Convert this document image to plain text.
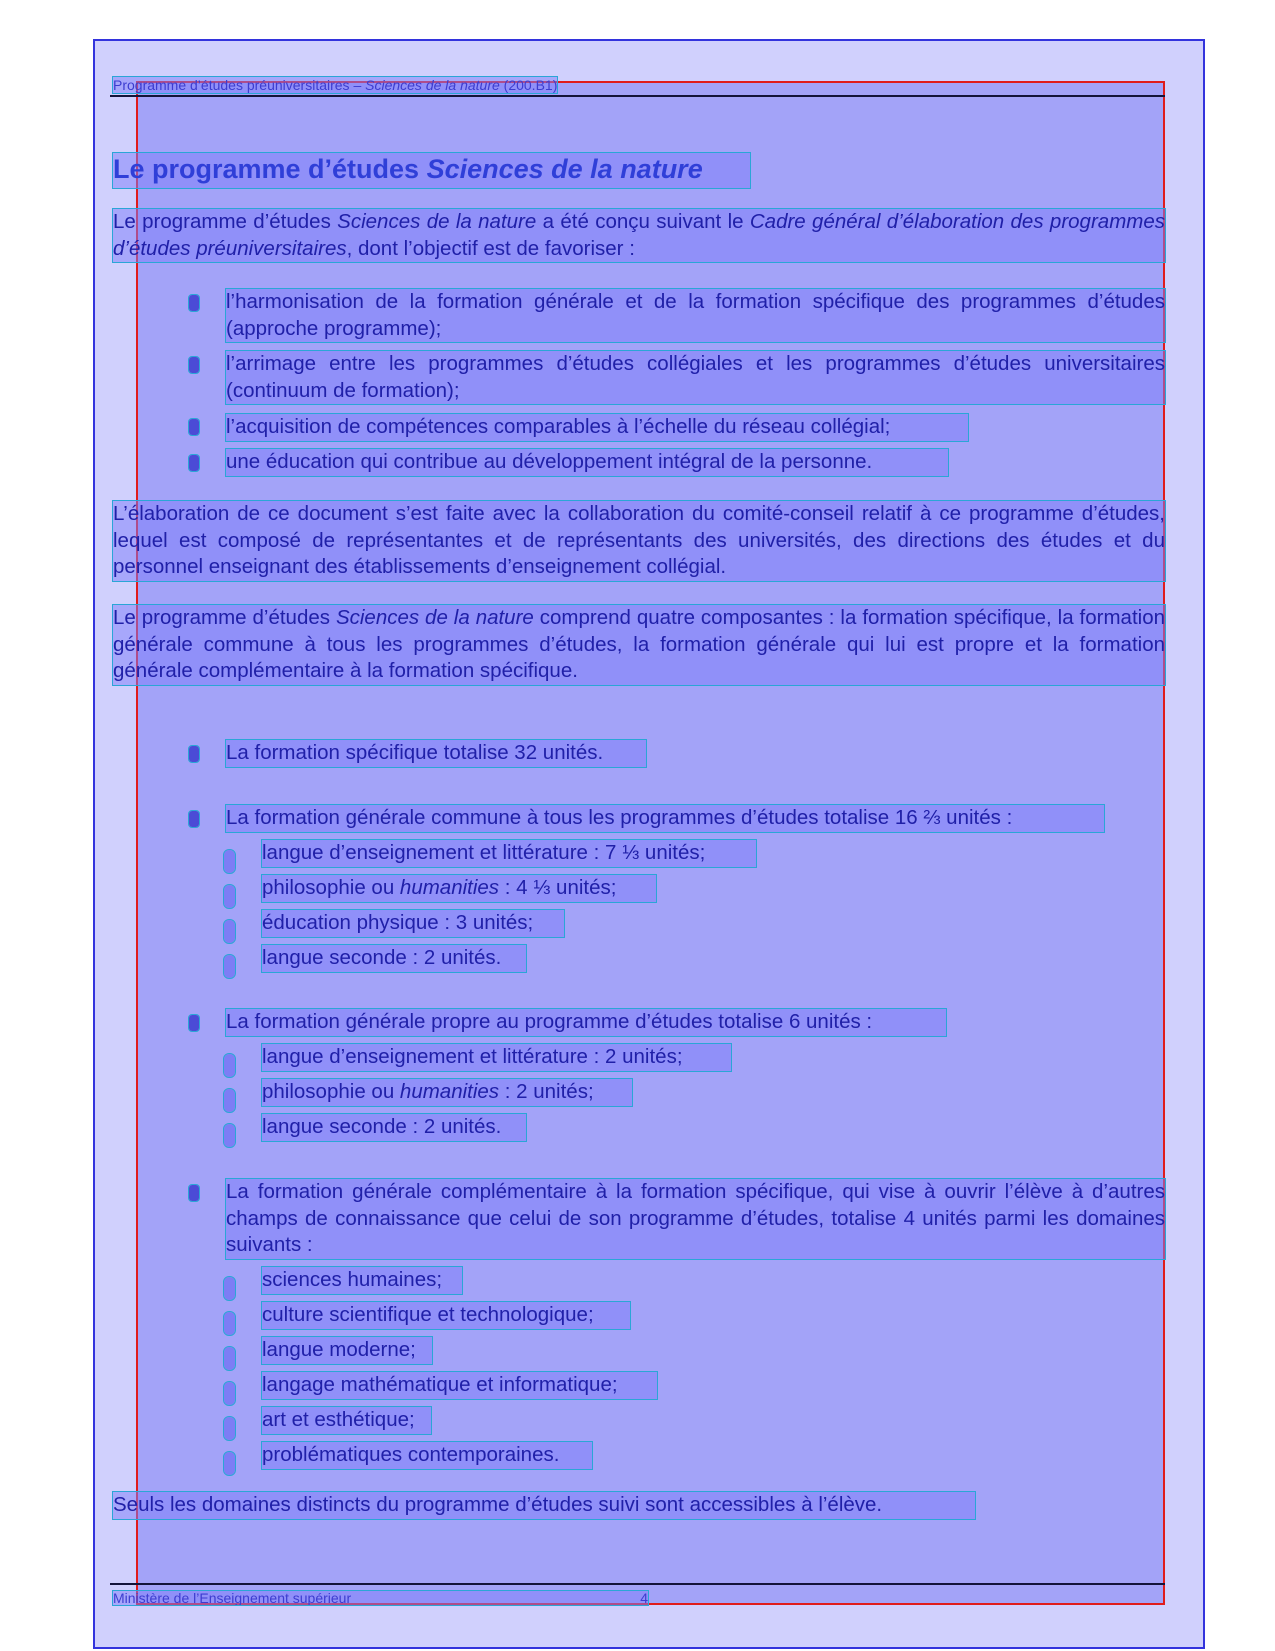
Programme d’études préuniversitaires – Sciences de la nature (200.B1)
Le programme d’études Sciences de la nature
Le programme d’études Sciences de la nature a été conçu suivant le Cadre général d’élaboration des programmes d’études préuniversitaires, dont l’objectif est de favoriser :
l’harmonisation de la formation générale et de la formation spécifique des programmes d’études (approche programme);
l’arrimage entre les programmes d’études collégiales et les programmes d’études universitaires (continuum de formation);
l’acquisition de compétences comparables à l’échelle du réseau collégial;
une éducation qui contribue au développement intégral de la personne.
L’élaboration de ce document s’est faite avec la collaboration du comité-conseil relatif à ce programme d’études, lequel est composé de représentantes et de représentants des universités, des directions des études et du personnel enseignant des établissements d’enseignement collégial.
Le programme d’études Sciences de la nature comprend quatre composantes : la formation spécifique, la formation générale commune à tous les programmes d’études, la formation générale qui lui est propre et la formation générale complémentaire à la formation spécifique.
La formation spécifique totalise 32 unités.
La formation générale commune à tous les programmes d’études totalise 16 ⅔ unités :
langue d’enseignement et littérature : 7 ⅓ unités;
philosophie ou humanities : 4 ⅓ unités;
éducation physique : 3 unités;
langue seconde : 2 unités.
La formation générale propre au programme d’études totalise 6 unités :
langue d’enseignement et littérature : 2 unités;
philosophie ou humanities : 2 unités;
langue seconde : 2 unités.
La formation générale complémentaire à la formation spécifique, qui vise à ouvrir l’élève à d’autres champs de connaissance que celui de son programme d’études, totalise 4 unités parmi les domaines suivants :
sciences humaines;
culture scientifique et technologique;
langue moderne;
langage mathématique et informatique;
art et esthétique;
problématiques contemporaines.
Seuls les domaines distincts du programme d’études suivi sont accessibles à l’élève.
Ministère de l’Enseignement supérieur	4
